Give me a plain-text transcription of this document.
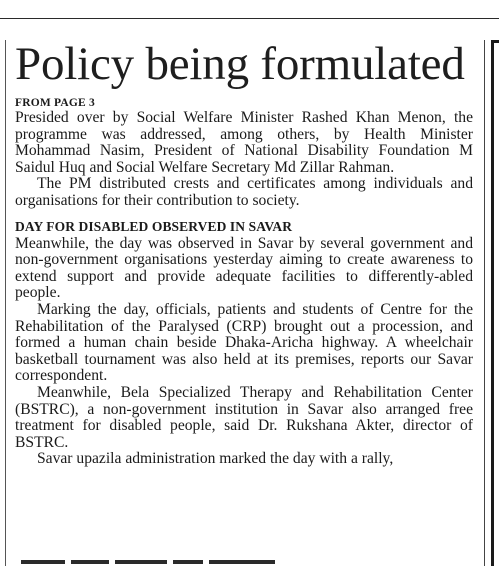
Policy being formulated
FROM PAGE 3

Presided over by Social Welfare Minister Rashed Khan Menon, the programme was addressed, among others, by Health Minister Mohammad Nasim, President of National Disability Foundation M Saidul Huq and Social Welfare Secretary Md Zillar Rahman.

The PM distributed crests and certificates among individuals and organisations for their contribution to society.

DAY FOR DISABLED OBSERVED IN SAVAR

Meanwhile, the day was observed in Savar by several government and non-government organisations yesterday aiming to create awareness to extend support and provide adequate facilities to differently-abled people.

Marking the day, officials, patients and students of Centre for the Rehabilitation of the Paralysed (CRP) brought out a procession, and formed a human chain beside Dhaka-Aricha highway. A wheelchair basketball tournament was also held at its premises, reports our Savar correspondent.

Meanwhile, Bela Specialized Therapy and Rehabilitation Center (BSTRC), a non-government institution in Savar also arranged free treatment for disabled people, said Dr. Rukshana Akter, director of BSTRC.

Savar upazila administration marked the day with a rally,
